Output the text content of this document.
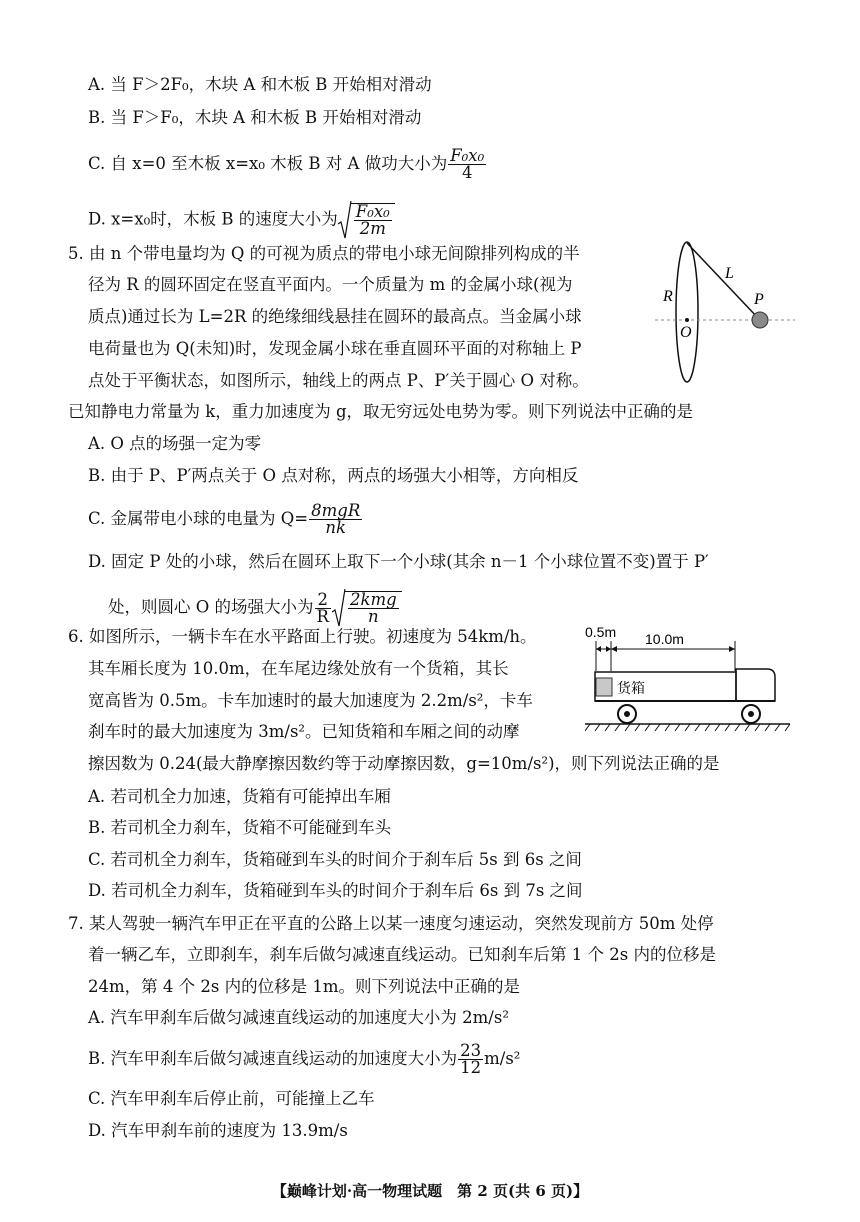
A. 当 F＞2F₀，木块 A 和木板 B 开始相对滑动
B. 当 F＞F₀，木块 A 和木板 B 开始相对滑动
C. 自 x=0 至木板 x=x₀ 木板 B 对 A 做功大小为 $\frac{\text{F₀x₀}}{4}$
D. x=x₀时，木板 B 的速度大小为 $\frac{\text{F₀x₀}}{2m}$
5. 由 n 个带电量均为 Q 的可视为质点的带电小球无间隙排列构成的半
径为 R 的圆环固定在竖直平面内。一个质量为 m 的金属小球(视为
质点)通过长为 L=2R 的绝缘细线悬挂在圆环的最高点。当金属小球
电荷量也为 Q(未知)时，发现金属小球在垂直圆环平面的对称轴上 P
点处于平衡状态，如图所示，轴线上的两点 P、P′关于圆心 O 对称。
已知静电力常量为 k，重力加速度为 g，取无穷远处电势为零。则下列说法中正确的是
A. O 点的场强一定为零
B. 由于 P、P′两点关于 O 点对称，两点的场强大小相等，方向相反
C. 金属带电小球的电量为 $Q= \frac{\text{8mgR}}{nk}$
D. 固定 P 处的小球，然后在圆环上取下一个小球(其余 n－1 个小球位置不变)置于 P′
处，则圆心 O 的场强大小为 $\frac{2}{R} \frac{\text{2kmg}}{n}$
R
L
P
O
6. 如图所示，一辆卡车在水平路面上行驶。初速度为 54km/h。
其车厢长度为 10.0m，在车尾边缘处放有一个货箱，其长
宽高皆为 0.5m。卡车加速时的最大加速度为 2.2m/s²，卡车
刹车时的最大加速度为 3m/s²。已知货箱和车厢之间的动摩
擦因数为 0.24(最大静摩擦因数约等于动摩擦因数，g=10m/s²)，则下列说法正确的是
A. 若司机全力加速，货箱有可能掉出车厢
B. 若司机全力刹车，货箱不可能碰到车头
C. 若司机全力刹车，货箱碰到车头的时间介于刹车后 5s 到 6s 之间
D. 若司机全力刹车，货箱碰到车头的时间介于刹车后 6s 到 7s 之间
0.5m 10.0m
货箱
7. 某人驾驶一辆汽车甲正在平直的公路上以某一速度匀速运动，突然发现前方 50m 处停
着一辆乙车，立即刹车，刹车后做匀减速直线运动。已知刹车后第 1 个 2s 内的位移是
24m，第 4 个 2s 内的位移是 1m。则下列说法中正确的是
A. 汽车甲刹车后做匀减速直线运动的加速度大小为 2m/s²
B. 汽车甲刹车后做匀减速直线运动的加速度大小为 $\frac{23}{12} m/s^2$
C. 汽车甲刹车后停止前，可能撞上乙车
D. 汽车甲刹车前的速度为 13.9m/s
【巅峰计划·高一物理试题　第 2 页(共 6 页)】
